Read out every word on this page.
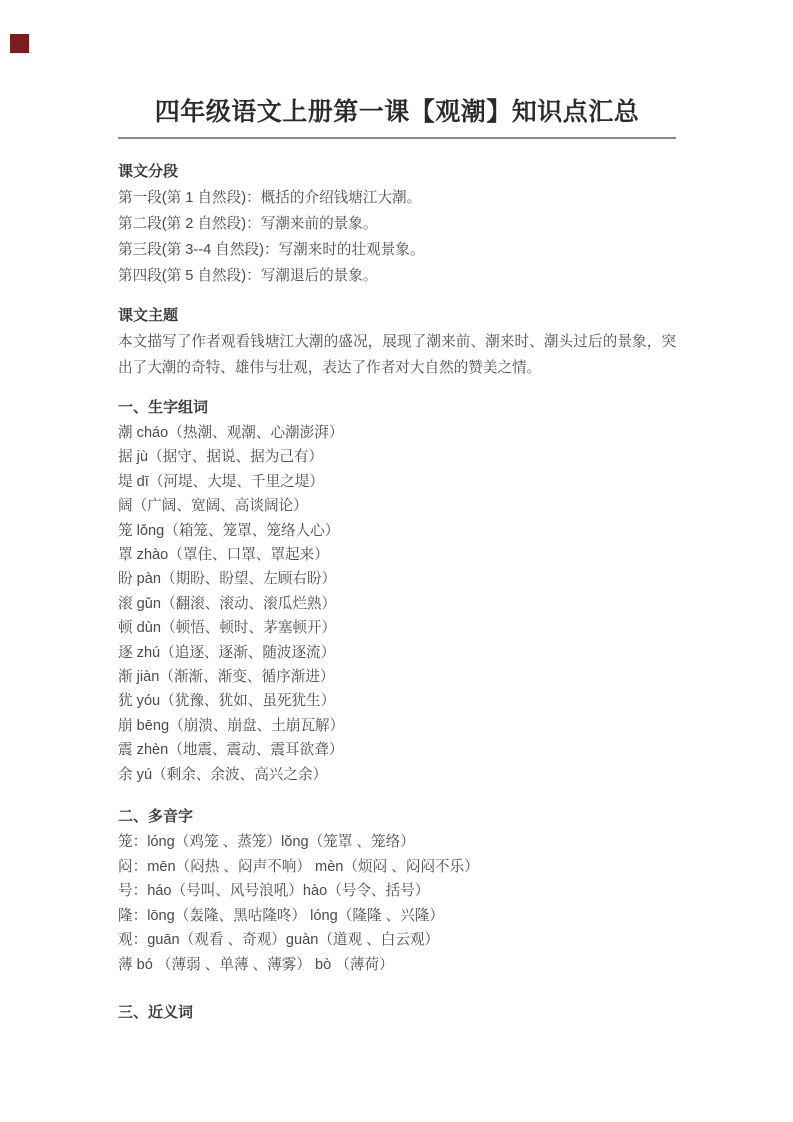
四年级语文上册第一课【观潮】知识点汇总
课文分段
第一段(第 1 自然段)：概括的介绍钱塘江大潮。
第二段(第 2 自然段)：写潮来前的景象。
第三段(第 3--4 自然段)：写潮来时的壮观景象。
第四段(第 5 自然段)：写潮退后的景象。
课文主题

本文描写了作者观看钱塘江大潮的盛况，展现了潮来前、潮来时、潮头过后的景象，突出了大潮的奇特、雄伟与壮观，表达了作者对大自然的赞美之情。

一、生字组词
潮 cháo（热潮、观潮、心潮澎湃）
据 jù（据守、据说、据为己有）
堤 dī（河堤、大堤、千里之堤）
阔（广阔、宽阔、高谈阔论）
笼 lǒng（箱笼、笼罩、笼络人心）
罩 zhào（罩住、口罩、罩起来）
盼 pàn（期盼、盼望、左顾右盼）
滚 gǔn（翻滚、滚动、滚瓜烂熟）
顿 dùn（顿悟、顿时、茅塞顿开）
逐 zhú（追逐、逐渐、随波逐流）
渐 jiàn（渐渐、渐变、循序渐进）
犹 yóu（犹豫、犹如、虽死犹生）
崩 bēng（崩溃、崩盘、土崩瓦解）
震 zhèn（地震、震动、震耳欲聋）
余 yú（剩余、余波、高兴之余）
二、多音字
笼：lóng（鸡笼 、蒸笼）lǒng（笼罩 、笼络）
闷：mēn（闷热 、闷声不响） mèn（烦闷 、闷闷不乐）
号：háo（号叫、风号浪吼）hào（号令、括号）
隆：lōng（轰隆、黑咕隆咚） lóng（隆隆 、兴隆）
观：guān（观看 、奇观）guàn（道观 、白云观）
薄 bó （薄弱 、单薄 、薄雾） bò （薄荷）
三、近义词
